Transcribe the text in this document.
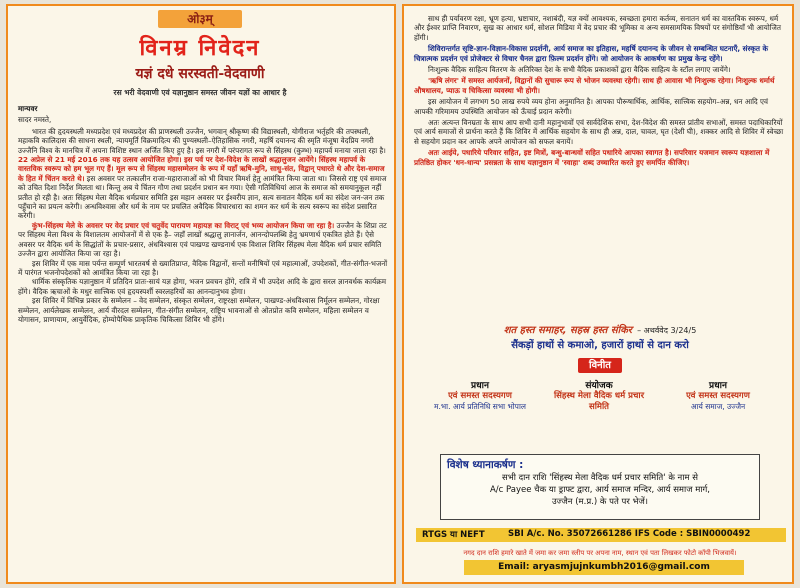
ओ३म्
विनम्र निवेदन
यज्ञं दधे सरस्वती-वेदवाणी
रस भरी वेदवाणी एवं यज्ञानुष्ठान समस्त जीवन यज्ञों का आधार है

मान्यवर

सादर नमस्ते,

भारत की हृदयस्थली मध्यप्रदेश एवं मध्यप्रदेश की प्राणस्थली उज्जैन, भगवान् श्रीकृष्ण की विद्यास्थली, योगीराज भर्तृहरि की तपस्थली, महाकवि कालिदास की साधना स्थली, न्यायमूर्ति विक्रमादित्य की पुण्यस्थली–ऐतिहासिक नगरी, महर्षि दयानन्द की स्मृति मंजूषा वेदप्रिय नगरी उज्जैनि विश्व के मानचित्र में अपना विशिष्ट स्थान अर्जित किए हुए है। इस नगरी में परंपरागत रूप से सिंहस्थ (कुम्भ) महापर्व मनाया जाता रहा है। 22 अप्रेल से 21 मई 2016 तक यह उत्सव आयोजित होगा। इस पर्व पर देश-विदेश के लाखों श्रद्धालुजन आयेंगे। सिंहस्थ महापर्व के वास्तविक स्वरूप को हम भूल गए हैं। मूल रूप से सिंहस्थ महासम्मेलन के रूप में यहाँ ऋषि-मुनि, साधु-संत, विद्वान् पधारते थे और देश-समाज के हित में चिंतन करते थे। इस अवसर पर तत्कालीन राजा-महाराजाओं को भी विचार विमर्श हेतु आमंत्रित किया जाता था। जिससे राष्ट्र एवं समाज को उचित दिशा निर्देश मिलता था। किन्तु अब ये चिंतन गौण तथा प्रदर्शन प्रधान बन गया। ऐसी गतिविधियां आज के समाज को समयानुकूल नहीं प्रतीत हो रही है। अतः सिंहस्थ मेला वैदिक धर्मप्रचार समिति इस महान अवसर पर ईश्वरीय ज्ञान, सत्य सनातन वैदिक धर्म का संदेश जन-जन तक पहुँचाने का प्रयत्न करेगी। अन्धविश्वास और धर्म के नाम पर प्रचलित अवैदिक विचारधारा का शमन कर धर्म के सत्य स्वरूप का संदेश प्रसारित करेगी।

कुंभ-सिंहस्थ मेले के अवसर पर वेद प्रचार एवं चतुर्वेद पारायण महायज्ञ का विराट् एवं भव्य आयोजन किया जा रहा है। उज्जैन के शिप्रा तट पर सिंहस्थ मेला विश्व के विशालतम आयोजनों में से एक है– जहाँ लाखों श्रद्धालु ज्ञानार्जन, आनन्दोपलब्धि हेतु भ्रमणार्थ एकत्रित होते हैं। ऐसे अवसर पर वैदिक धर्म के सिद्धांतों के प्रचार-प्रसार, अंधविश्वास एवं पाखण्ड खण्डनार्थ एक विशाल शिविर सिंहस्थ मेला वैदिक धर्म प्रचार समिति उज्जैन द्वारा आयोजित किया जा रहा है।

इस शिविर में एक मास पर्यन्त सम्पूर्ण भारतवर्ष से ख्यातिप्राप्त, वैदिक विद्वानों, सन्तों मनीषियों एवं महात्माओं, उपदेशकों, गीत-संगीत-भजनों में पारंगत भजनोपदेशकों को आमंत्रित किया जा रहा है।

धार्मिक संस्कृतिक यज्ञानुष्ठान में प्रतिदिन प्रातः-सायं यज्ञ होगा, भजन प्रवचन होंगे, रात्रि में भी उपदेश आदि के द्वारा सरल ज्ञानवर्धक कार्यक्रम होंगे। वैदिक ऋचाओं के मधुर सात्त्विक एवं हृदयस्पर्शी स्वरलहरियों का आनन्दानुभव होगा।

इस शिविर में विभिन्न प्रकार के सम्मेलन – वेद सम्मेलन, संस्कृत सम्मेलन, राष्ट्ररक्षा सम्मेलन, पाखण्ड-अंधविश्वास निर्मूलन सम्मेलन, गोरक्षा सम्मेलन, आर्यलेखक सम्मेलन, आर्य वीरदल सम्मेलन, गीत-संगीत सम्मेलन, राष्ट्रिय भावनाओं से ओतप्रोत कवि सम्मेलन, महिला सम्मेलन व योगासन, प्राणायाम, आयुर्वेदिक, होम्योपैथिक प्राकृतिक चिकित्सा शिविर भी होंगे।

साथ ही पर्यावरण रक्षा, भ्रूण हत्या, भ्रष्टाचार, नशाबंदी, यज्ञ क्यों आवश्यक, स्वच्छता हमारा कर्तव्य, सनातन धर्म का वास्तविक स्वरूप, धर्म और ईश्वर प्राप्ति निवारण, सुख का आधार धर्म, सोशल मिडिया में वेद प्रचार की भूमिका व अन्य समसामयिक विषयों पर संगोष्ठियाँ भी आयोजित होंगी।

शिविरान्तर्गत सृष्टि-ज्ञान-विज्ञान-विकास प्रदर्शनी, आर्य समाज का इतिहास, महर्षि दयानन्द के जीवन से सम्बन्धित घटनाएँ, संस्कृत के चित्रात्मक प्रदर्शन एवं प्रोजेक्टर से विचार चैनल द्वारा फ़िल्म प्रदर्शन होंगे। जो आयोजन के आकर्षण का प्रमुख केन्द्र रहेंगे।

निःशुल्क वैदिक साहित्य वितरण के अतिरिक्त देश के सभी वैदिक प्रकाशकों द्वारा वैदिक साहित्य के स्टॉल लगाए जायेंगे।

'ऋषि लंगर' में समस्त आर्यजनों, विद्वानों की सुचारू रूप से भोजन व्यवस्था रहेगी। साथ ही आवास भी निःशुल्क रहेगा। निःशुल्क धर्मार्थ औषधालय, प्याऊ व चिकित्सा व्यवस्था भी होगी।

इस आयोजन में लगभग 50 लाख रुपये व्यय होना अनुमानित है। आपका पौरूषार्थिक, आर्थिक, सात्त्विक सहयोग–अन्न, धन आदि एवं आपकी गरिमामय उपस्थिति आयोजन को ऊँचाई प्रदान करेगी।

अतः अत्यन्त विनम्रता के साथ आप सभी दानी महानुभावों एवं सार्वदेशिक सभा, देश-विदेश की समस्त प्रांतीय सभाओं, समस्त पदाधिकारियों एवं आर्य समाजों से प्रार्थना करते हैं कि शिविर में आर्थिक सहयोग के साथ ही अन्न, दाल, चावल, घृत (देशी घी), शक्कर आदि से शिविर में स्वेच्छा से सहयोग प्रदान कर आपके अपने आयोजन को सफल बनायें।

अतः आईये, पधारिये परिवार सहित, इष्ट मित्रों, बन्धु-बान्धवों सहित पधारिये आपका स्वागत है। सपरिवार यजमान स्वरूप यज्ञशाला में प्रतिष्ठित होकर 'धन-धान्य' प्रसन्नता के साथ यज्ञानुष्ठान में 'स्वाहा' शब्द उच्चारित करते हुए समर्पित कीजिए।

शत हस्त समाहर, सहस्र हस्त संकिर – अथर्ववेद 3/24/5
सैंकड़ों हाथों से कमाओ, हजारों हाथों से दान करो
विनीत
प्रधान
एवं समस्त सदस्यगण
म.भा. आर्य प्रतिनिधि सभा भोपाल
संयोजक
सिंहस्थ मेला वैदिक धर्म प्रचार समिति
प्रधान
एवं समस्त सदस्यगण
आर्य समाज, उज्जैन
विशेष ध्यानाकर्षण :
सभी दान राशि 'सिंहस्थ मेला वैदिक धर्म प्रचार समिति' के नाम से
A/c Payee चैक या ड्राफ्ट द्वारा, आर्य समाज मन्दिर, आर्य समाज मार्ग,
उज्जैन (म.प्र.) के पते पर भेजें।
RTGS या NEFT	SBI A/c. No. 35072661286 IFS Code : SBIN0000492
नगद दान राशि हमारे खाते में जमा कर जमा स्लीप पर अपना नाम, स्थान एवं पता लिखकर फोटो कॉपी भिजवायें।
Email: aryasmjujnkumbh2016@gmail.com
